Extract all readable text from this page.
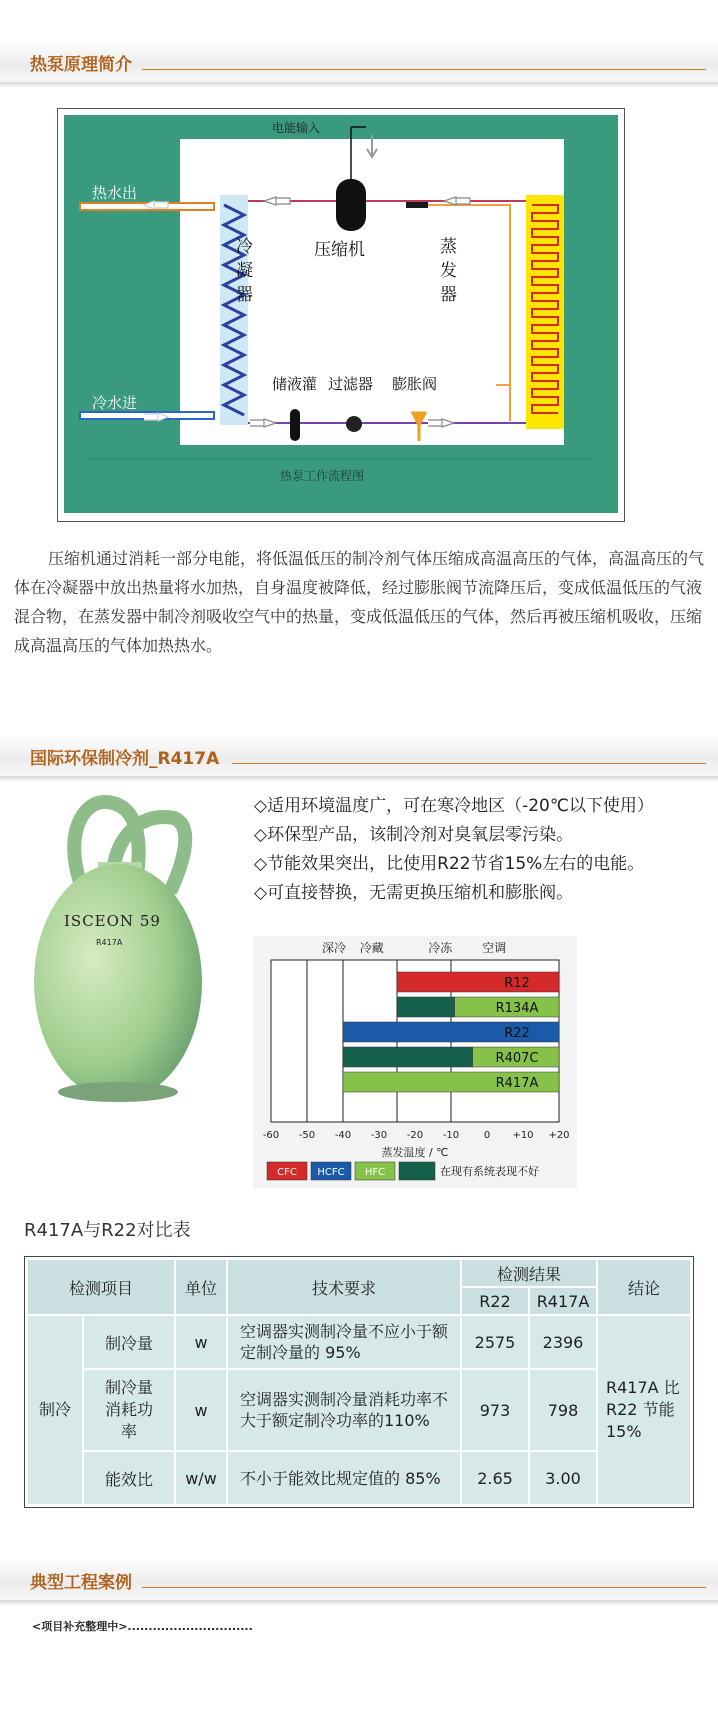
热泵原理简介
电能输入
热水出
冷水进
压缩机
冷凝器
蒸发器
储液灌 过滤器 膨胀阀
热泵工作流程图
压缩机通过消耗一部分电能，将低温低压的制冷剂气体压缩成高温高压的气体，高温高压的气体在冷凝器中放出热量将水加热，自身温度被降低，经过膨胀阀节流降压后，变成低温低压的气液混合物，在蒸发器中制冷剂吸收空气中的热量，变成低温低压的气体，然后再被压缩机吸收，压缩成高温高压的气体加热热水。
国际环保制冷剂_R417A
ISCEON 59
R417A
◇适用环境温度广，可在寒冷地区（-20℃以下使用）
◇环保型产品，该制冷剂对臭氧层零污染。
◇节能效果突出，比使用R22节省15%左右的电能。
◇可直接替换，无需更换压缩机和膨胀阀。
深冷 冷藏	冷冻 空调
R12
R134A
R22
R407C
R417A
-60 -50 -40 -30 -20 -10 0 +10 +20
蒸发温度 / ℃
CFC HCFC HFC	在现有系统表现不好
R417A与R22对比表
检测项目		单位	技术要求	检测结果		结论
				R22	R417A	
制冷	制冷量	w	空调器实测制冷量不应小于额定制冷量的 95%	2575	2396	R417A 比 R22 节能 15%
	制冷量消耗功率	w	空调器实测制冷量消耗功率不大于额定制冷功率的110%	973	798	
	能效比	w/w	不小于能效比规定值的 85%	2.65	3.00	
典型工程案例
<项目补充整理中>..............................
